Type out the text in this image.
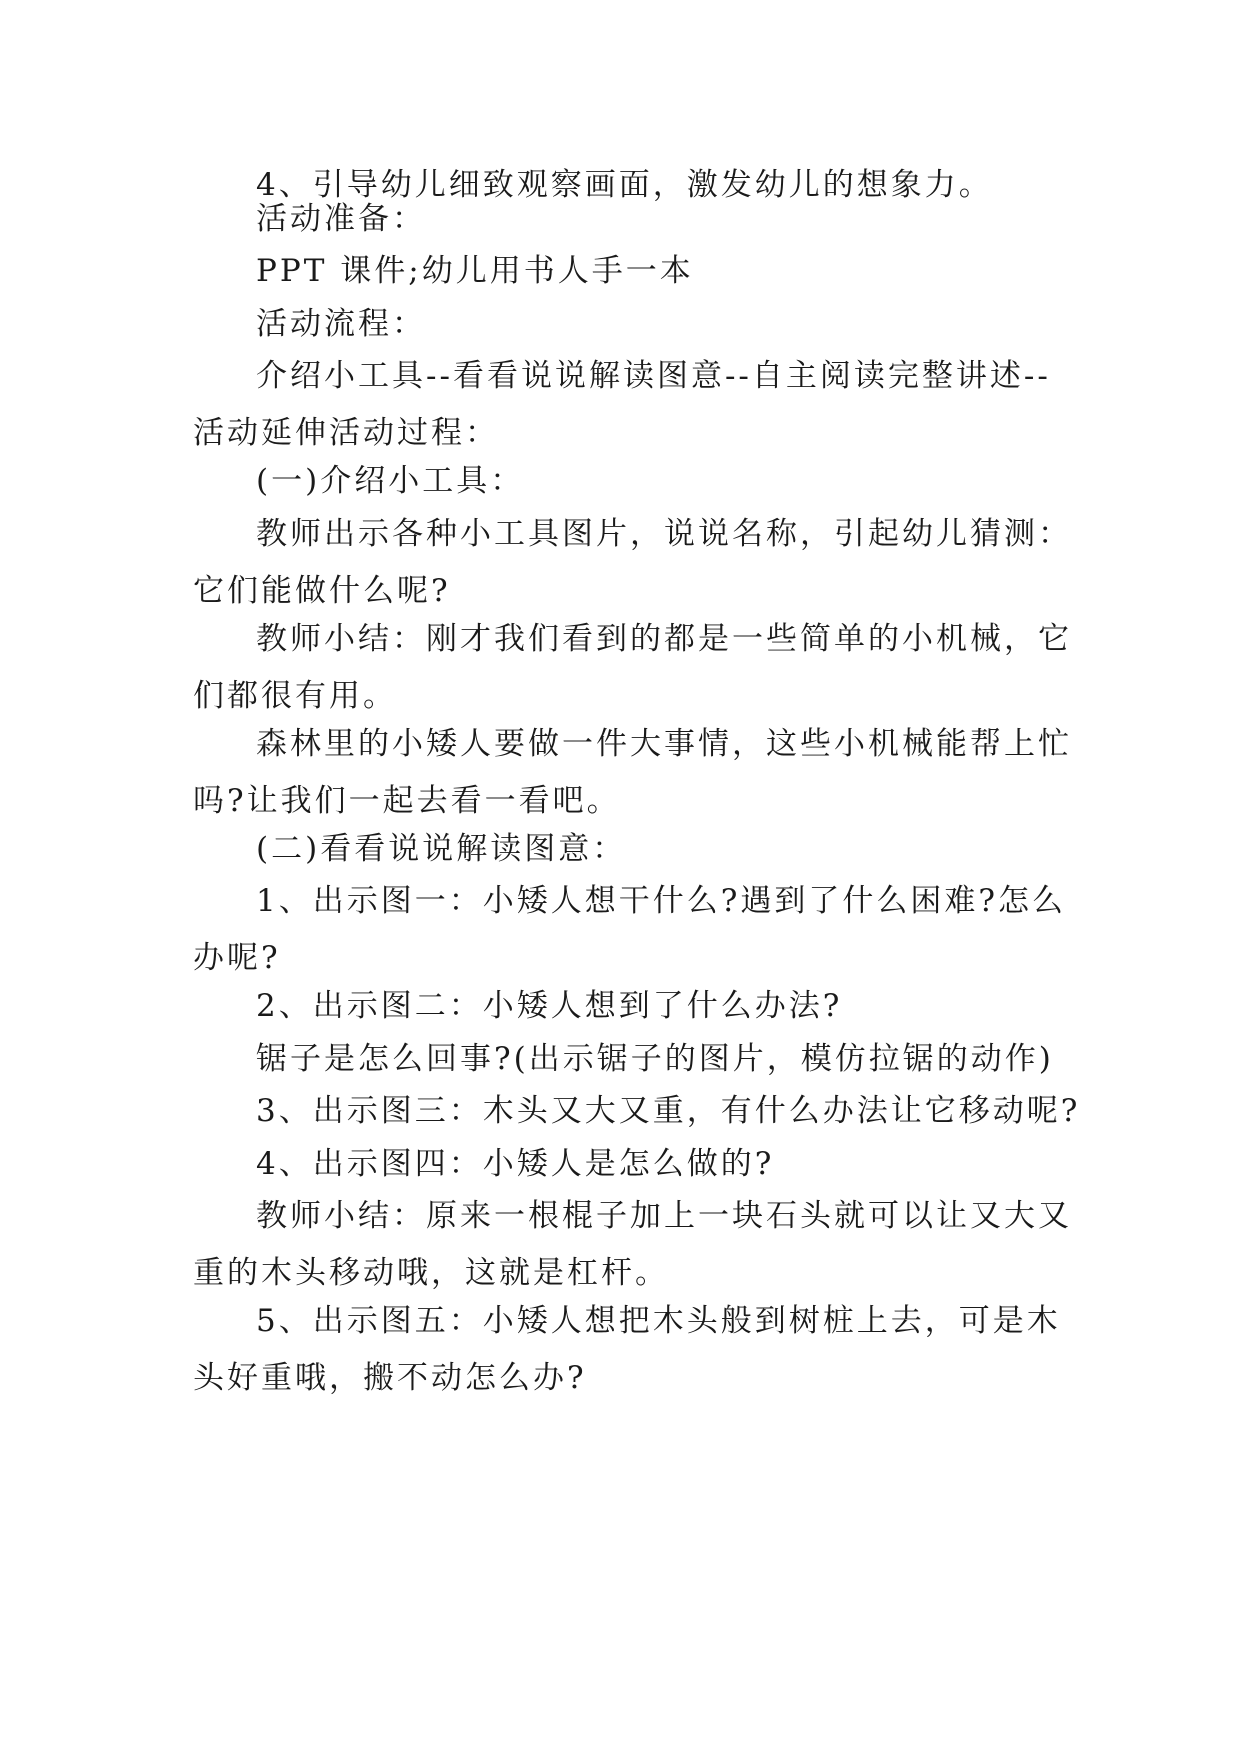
4、引导幼儿细致观察画面，激发幼儿的想象力。
活动准备：
PPT 课件;幼儿用书人手一本
活动流程：
介绍小工具--看看说说解读图意--自主阅读完整讲述--
活动延伸活动过程：
(一)介绍小工具：
教师出示各种小工具图片，说说名称，引起幼儿猜测：
它们能做什么呢?
教师小结：刚才我们看到的都是一些简单的小机械，它
们都很有用。
森林里的小矮人要做一件大事情，这些小机械能帮上忙
吗?让我们一起去看一看吧。
(二)看看说说解读图意：
1、出示图一：小矮人想干什么?遇到了什么困难?怎么
办呢?
2、出示图二：小矮人想到了什么办法?
锯子是怎么回事?(出示锯子的图片，模仿拉锯的动作)
3、出示图三：木头又大又重，有什么办法让它移动呢?
4、出示图四：小矮人是怎么做的?
教师小结：原来一根棍子加上一块石头就可以让又大又
重的木头移动哦，这就是杠杆。
5、出示图五：小矮人想把木头般到树桩上去，可是木
头好重哦，搬不动怎么办?
